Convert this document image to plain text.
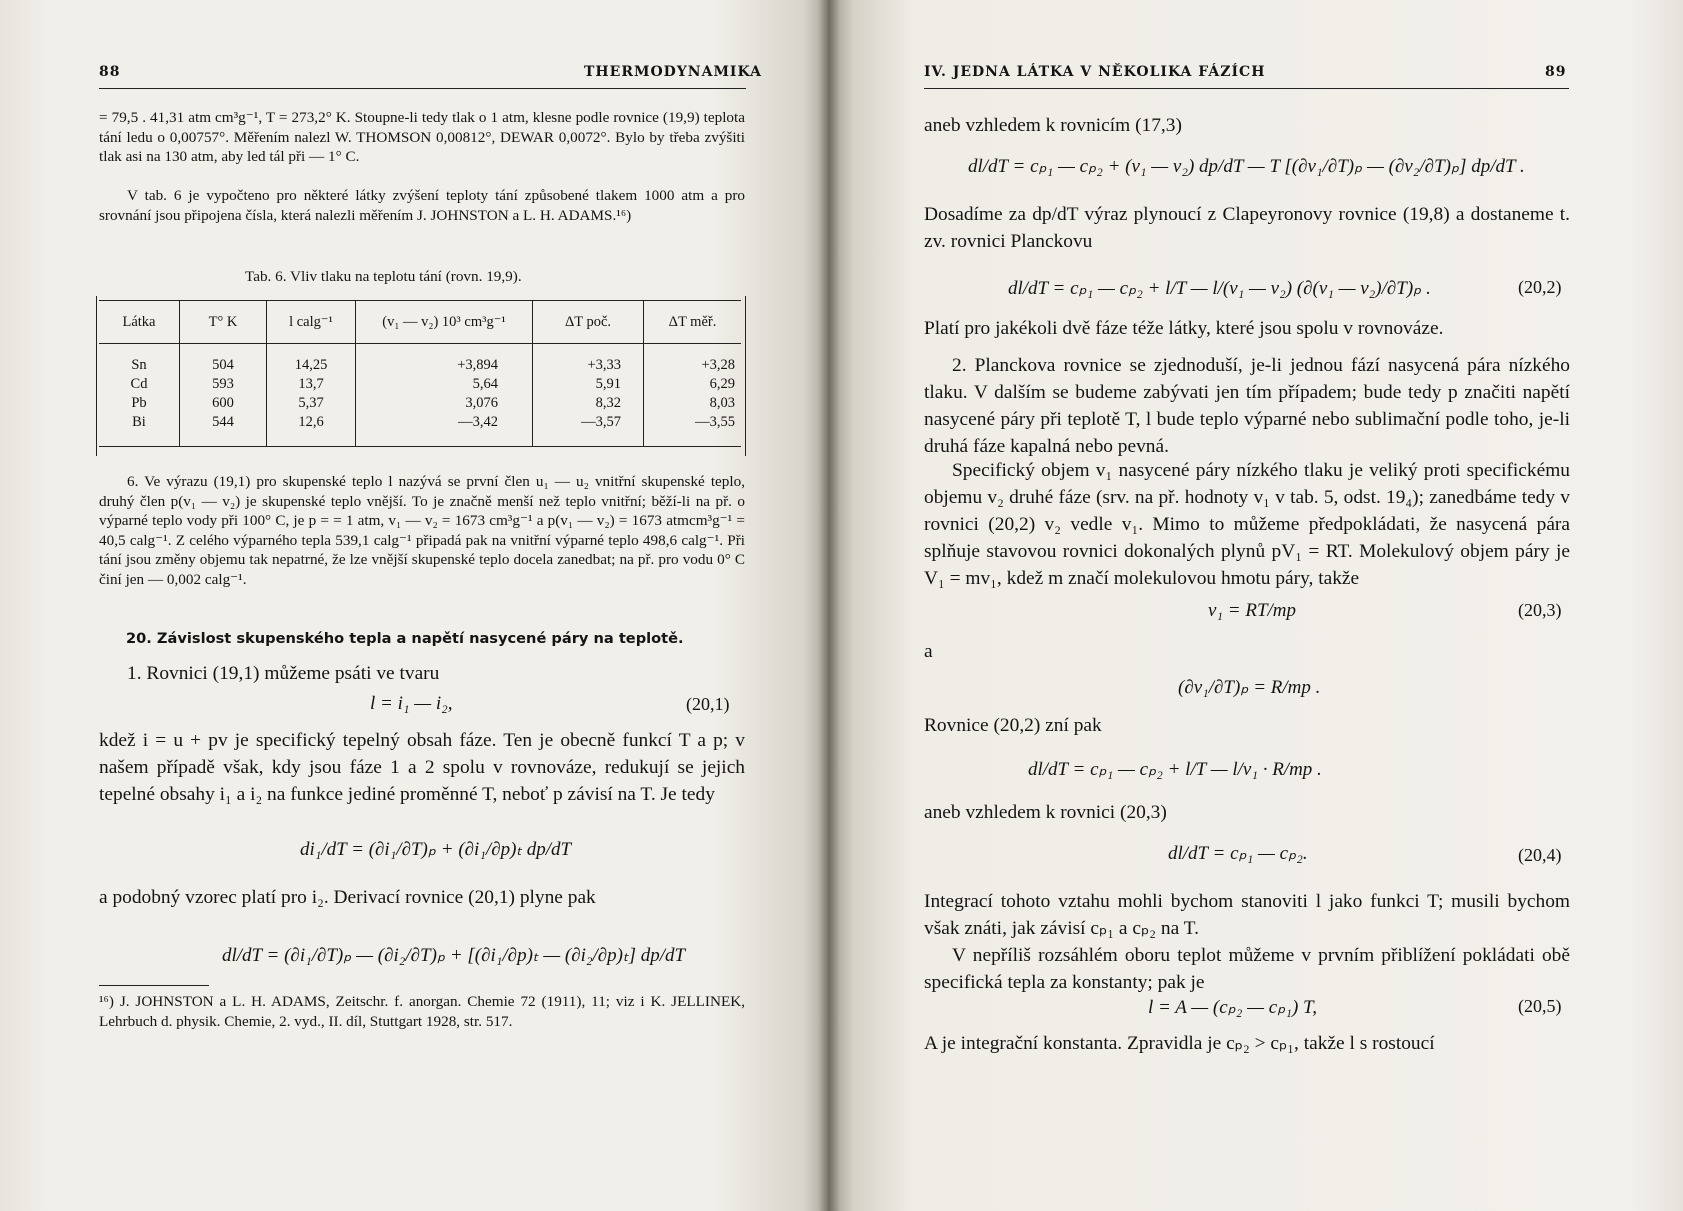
88	THERMODYNAMIKA

= 79,5 . 41,31 atm cm³g⁻¹, T = 273,2° K. Stoupne-li tedy tlak o 1 atm, klesne podle rovnice (19,9) teplota tání ledu o 0,00757°. Měřením nalezl W. THOMSON 0,00812°, DEWAR 0,0072°. Bylo by třeba zvýšiti tlak asi na 130 atm, aby led tál při — 1° C.

V tab. 6 je vypočteno pro některé látky zvýšení teploty tání způsobené tlakem 1000 atm a pro srovnání jsou připojena čísla, která nalezli měřením J. JOHNSTON a L. H. ADAMS.¹⁶)

Tab. 6. Vliv tlaku na teplotu tání (rovn. 19,9).
Látka	T° K	l calg⁻¹	(v₁ — v₂) 10³ cm³g⁻¹	ΔT poč.	ΔT měř.
Sn	504	14,25	+3,894	+3,33	+3,28
Cd	593	13,7	5,64	5,91	6,29
Pb	600	5,37	3,076	8,32	8,03
Bi	544	12,6	—3,42	—3,57	—3,55

6. Ve výrazu (19,1) pro skupenské teplo l nazývá se první člen u₁ — u₂ vnitřní skupenské teplo, druhý člen p(v₁ — v₂) je skupenské teplo vnější. To je značně menší než teplo vnitřní; běží-li na př. o výparné teplo vody při 100° C, je p = = 1 atm, v₁ — v₂ = 1673 cm³g⁻¹ a p(v₁ — v₂) = 1673 atmcm³g⁻¹ = 40,5 calg⁻¹. Z celého výparného tepla 539,1 calg⁻¹ připadá pak na vnitřní výparné teplo 498,6 calg⁻¹. Při tání jsou změny objemu tak nepatrné, že lze vnější skupenské teplo docela zanedbat; na př. pro vodu 0° C činí jen — 0,002 calg⁻¹.

20. Závislost skupenského tepla a napětí nasycené páry na teplotě.

1. Rovnici (19,1) můžeme psáti ve tvaru

l = i₁ — i₂,	(20,1)

kdež i = u + pv je specifický tepelný obsah fáze. Ten je obecně funkcí T a p; v našem případě však, kdy jsou fáze 1 a 2 spolu v rovnováze, redukují se jejich tepelné obsahy i₁ a i₂ na funkce jediné proměnné T, neboť p závisí na T. Je tedy

di₁/dT = (∂i₁/∂T)ₚ + (∂i₁/∂p)ₜ dp/dT

a podobný vzorec platí pro i₂. Derivací rovnice (20,1) plyne pak

dl/dT = (∂i₁/∂T)ₚ — (∂i₂/∂T)ₚ + [(∂i₁/∂p)ₜ — (∂i₂/∂p)ₜ] dp/dT

¹⁶) J. JOHNSTON a L. H. ADAMS, Zeitschr. f. anorgan. Chemie 72 (1911), 11; viz i K. JELLINEK, Lehrbuch d. physik. Chemie, 2. vyd., II. díl, Stuttgart 1928, str. 517.

IV. JEDNA LÁTKA V NĚKOLIKA FÁZÍCH	89

aneb vzhledem k rovnicím (17,3)

dl/dT = cₚ₁ — cₚ₂ + (v₁ — v₂) dp/dT — T [(∂v₁/∂T)ₚ — (∂v₂/∂T)ₚ] dp/dT .

Dosadíme za dp/dT výraz plynoucí z Clapeyronovy rovnice (19,8) a dostaneme t. zv. rovnici Planckovu

dl/dT = cₚ₁ — cₚ₂ + l/T — l/(v₁ — v₂) (∂(v₁ — v₂)/∂T)ₚ .	(20,2)

Platí pro jakékoli dvě fáze téže látky, které jsou spolu v rovnováze.

2. Planckova rovnice se zjednoduší, je-li jednou fází nasycená pára nízkého tlaku. V dalším se budeme zabývati jen tím případem; bude tedy p značiti napětí nasycené páry při teplotě T, l bude teplo výparné nebo sublimační podle toho, je-li druhá fáze kapalná nebo pevná.

Specifický objem v₁ nasycené páry nízkého tlaku je veliký proti specifickému objemu v₂ druhé fáze (srv. na př. hodnoty v₁ v tab. 5, odst. 19₄); zanedbáme tedy v rovnici (20,2) v₂ vedle v₁. Mimo to můžeme předpokládati, že nasycená pára splňuje stavovou rovnici dokonalých plynů pV₁ = RT. Molekulový objem páry je V₁ = mv₁, kdež m značí molekulovou hmotu páry, takže

v₁ = RT/mp	(20,3)
a
(∂v₁/∂T)ₚ = R/mp .

Rovnice (20,2) zní pak

dl/dT = cₚ₁ — cₚ₂ + l/T — l/v₁ · R/mp .

aneb vzhledem k rovnici (20,3)

dl/dT = cₚ₁ — cₚ₂.	(20,4)

Integrací tohoto vztahu mohli bychom stanoviti l jako funkci T; musili bychom však znáti, jak závisí cₚ₁ a cₚ₂ na T.

V nepříliš rozsáhlém oboru teplot můžeme v prvním přiblížení pokládati obě specifická tepla za konstanty; pak je

l = A — (cₚ₂ — cₚ₁) T,	(20,5)

A je integrační konstanta. Zpravidla je cₚ₂ > cₚ₁, takže l s rostoucí
